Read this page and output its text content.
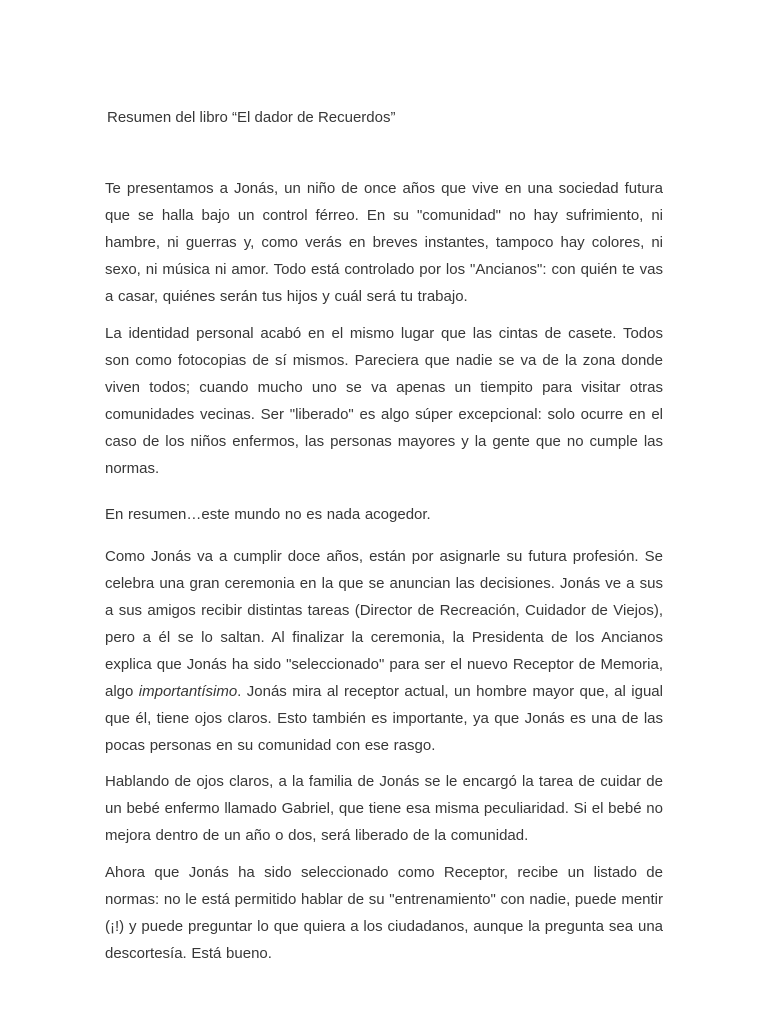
Resumen del libro “El dador de Recuerdos”

Te presentamos a Jonás, un niño de once años que vive en una sociedad futura que se halla bajo un control férreo. En su "comunidad" no hay sufrimiento, ni hambre, ni guerras y, como verás en breves instantes, tampoco hay colores, ni sexo, ni música ni amor. Todo está controlado por los "Ancianos": con quién te vas a casar, quiénes serán tus hijos y cuál será tu trabajo.

La identidad personal acabó en el mismo lugar que las cintas de casete. Todos son como fotocopias de sí mismos. Pareciera que nadie se va de la zona donde viven todos; cuando mucho uno se va apenas un tiempito para visitar otras comunidades vecinas. Ser "liberado" es algo súper excepcional: solo ocurre en el caso de los niños enfermos, las personas mayores y la gente que no cumple las normas.

En resumen…este mundo no es nada acogedor.

Como Jonás va a cumplir doce años, están por asignarle su futura profesión. Se celebra una gran ceremonia en la que se anuncian las decisiones. Jonás ve a sus a sus amigos recibir distintas tareas (Director de Recreación, Cuidador de Viejos), pero a él se lo saltan. Al finalizar la ceremonia, la Presidenta de los Ancianos explica que Jonás ha sido "seleccionado" para ser el nuevo Receptor de Memoria, algo importantísimo. Jonás mira al receptor actual, un hombre mayor que, al igual que él, tiene ojos claros. Esto también es importante, ya que Jonás es una de las pocas personas en su comunidad con ese rasgo.

Hablando de ojos claros, a la familia de Jonás se le encargó la tarea de cuidar de un bebé enfermo llamado Gabriel, que tiene esa misma peculiaridad. Si el bebé no mejora dentro de un año o dos, será liberado de la comunidad.

Ahora que Jonás ha sido seleccionado como Receptor, recibe un listado de normas: no le está permitido hablar de su "entrenamiento" con nadie, puede mentir (¡!) y puede preguntar lo que quiera a los ciudadanos, aunque la pregunta sea una descortesía. Está bueno.
